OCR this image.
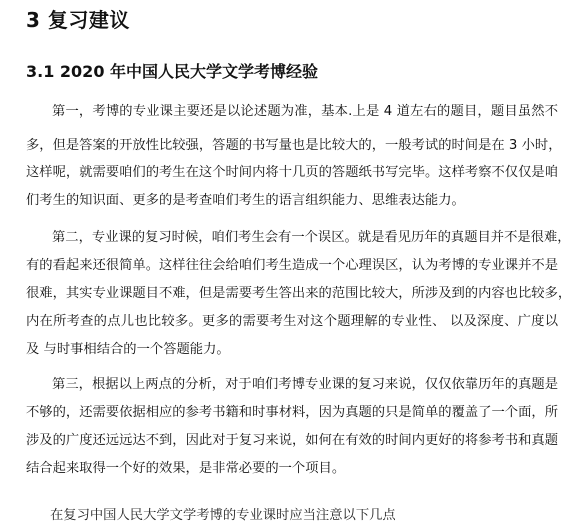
3 复习建议
3.1 2020 年中国人民大学文学考博经验
第一，考博的专业课主要还是以论述题为准，基本.上是 4 道左右的题目，题目虽然不
多，但是答案的开放性比较强，答题的书写量也是比较大的，一般考试的时间是在 3 小时，
这样呢，就需要咱们的考生在这个时间内将十几页的答题纸书写完毕。这样考察不仅仅是咱
们考生的知识面、更多的是考查咱们考生的语言组织能力、思维表达能力。
第二，专业课的复习时候，咱们考生会有一个误区。就是看见历年的真题目并不是很难，
有的看起来还很简单。这样往往会给咱们考生造成一个心理误区，认为考博的专业课并不是
很难，其实专业课题目不难，但是需要考生答出来的范围比较大，所涉及到的内容也比较多，
内在所考查的点儿也比较多。更多的需要考生对这个题理解的专业性、 以及深度、广度以
及 与时事相结合的一个答题能力。
第三，根据以上两点的分析，对于咱们考博专业课的复习来说，仅仅依靠历年的真题是
不够的，还需要依据相应的参考书籍和时事材料，因为真题的只是简单的覆盖了一个面，所
涉及的广度还远远达不到，因此对于复习来说，如何在有效的时间内更好的将参考书和真题
结合起来取得一个好的效果，是非常必要的一个项目。
在复习中国人民大学文学考博的专业课时应当注意以下几点
